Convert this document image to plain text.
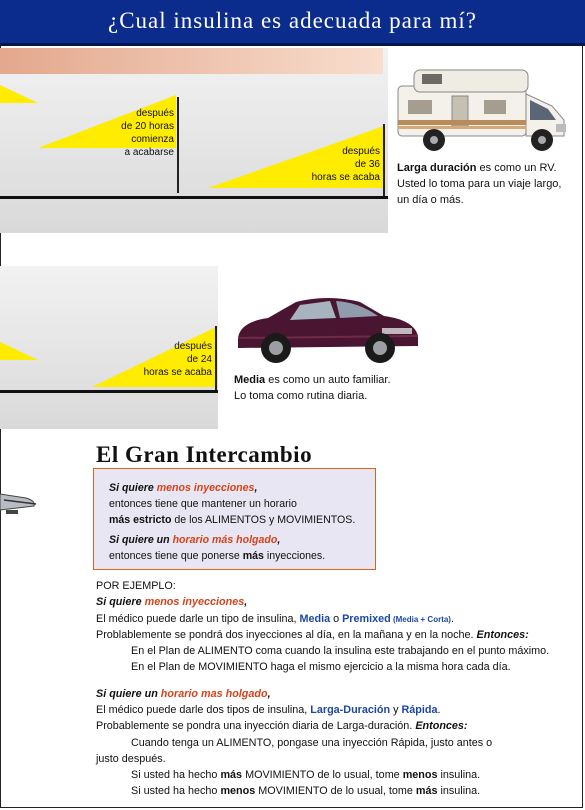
¿Cual insulina es adecuada para mí?
después
de 20 horas comienza
a acabarse	después
de 36
horas se acaba
Larga duración es como un RV.
Usted lo toma para un viaje largo,
un día o más.
después
de 24
horas se acaba
Media es como un auto familiar.
Lo toma como rutina diaria.
El Gran Intercambio
Si quiere menos inyecciones,
entonces tiene que mantener un horario
más estricto de los ALIMENTOS y MOVIMIENTOS.
Si quiere un horario más holgado,
entonces tiene que ponerse más inyecciones.
POR EJEMPLO:
Si quiere menos inyecciones,
El médico puede darle un tipo de insulina, Media o Premixed (Media + Corta).
Problablemente se pondrá dos inyecciones al día, en la mañana y en la noche. Entonces:
En el Plan de ALIMENTO coma cuando la insulina este trabajando en el punto máximo.
En el Plan de MOVIMIENTO haga el mismo ejercicio a la misma hora cada día.
Si quiere un horario mas holgado,
El médico puede darle dos tipos de insulina, Larga-Duración y Rápida.
Probablemente se pondra una inyección diaria de Larga-duración. Entonces:
Cuando tenga un ALIMENTO, pongase una inyección Rápida, justo antes o
justo después.
Si usted ha hecho más MOVIMIENTO de lo usual, tome menos insulina.
Si usted ha hecho menos MOVIMIENTO de lo usual, tome más insulina.
